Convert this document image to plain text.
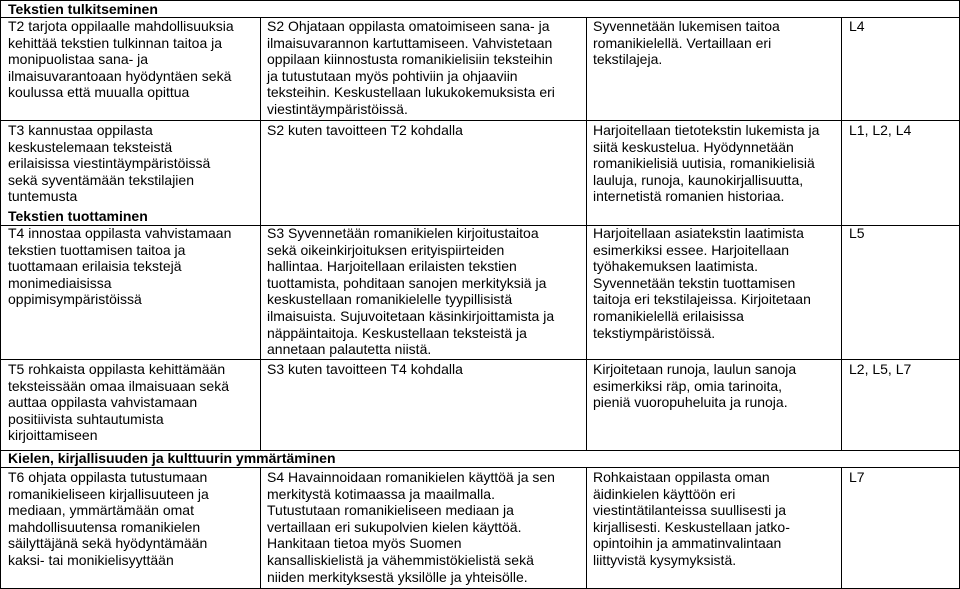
Tekstien tulkitseminen
Tekstien tuottaminen
Kielen, kirjallisuuden ja kulttuurin ymmärtäminen
T2 tarjota oppilaalle mahdollisuuksia
kehittää tekstien tulkinnan taitoa ja
monipuolistaa sana- ja
ilmaisuvarantoaan hyödyntäen sekä
koulussa että muualla opittua
S2 Ohjataan oppilasta omatoimiseen sana- ja
ilmaisuvarannon kartuttamiseen. Vahvistetaan
oppilaan kiinnostusta romanikielisiin teksteihin
ja tutustutaan myös pohtiviin ja ohjaaviin
teksteihin. Keskustellaan lukukokemuksista eri
viestintäympäristöissä.
Syvennetään lukemisen taitoa
romanikielellä. Vertaillaan eri
tekstilajeja.
L4
T3 kannustaa oppilasta
keskustelemaan teksteistä
erilaisissa viestintäympäristöissä
sekä syventämään tekstilajien
tuntemusta
S2 kuten tavoitteen T2 kohdalla	Harjoitellaan tietotekstin lukemista ja
siitä keskustelua. Hyödynnetään
romanikielisiä uutisia, romanikielisiä
lauluja, runoja, kaunokirjallisuutta,
internetistä romanien historiaa.
L1, L2, L4
T4 innostaa oppilasta vahvistamaan
tekstien tuottamisen taitoa ja
tuottamaan erilaisia tekstejä
monimediaisissa
oppimisympäristöissä
S3 Syvennetään romanikielen kirjoitustaitoa
sekä oikeinkirjoituksen erityispiirteiden
hallintaa. Harjoitellaan erilaisten tekstien
tuottamista, pohditaan sanojen merkityksiä ja
keskustellaan romanikielelle tyypillisistä
ilmaisuista. Sujuvoitetaan käsinkirjoittamista ja
näppäintaitoja. Keskustellaan teksteistä ja
annetaan palautetta niistä.
Harjoitellaan asiatekstin laatimista
esimerkiksi essee. Harjoitellaan
työhakemuksen laatimista.
Syvennetään tekstin tuottamisen
taitoja eri tekstilajeissa. Kirjoitetaan
romanikielellä erilaisissa
tekstiympäristöissä.
L5
T5 rohkaista oppilasta kehittämään
teksteissään omaa ilmaisuaan sekä
auttaa oppilasta vahvistamaan
positiivista suhtautumista
kirjoittamiseen
S3 kuten tavoitteen T4 kohdalla	Kirjoitetaan runoja, laulun sanoja
esimerkiksi räp, omia tarinoita,
pieniä vuoropuheluita ja runoja.
L2, L5, L7
T6 ohjata oppilasta tutustumaan
romanikieliseen kirjallisuuteen ja
mediaan, ymmärtämään omat
mahdollisuutensa romanikielen
säilyttäjänä sekä hyödyntämään
kaksi- tai monikielisyyttään
S4 Havainnoidaan romanikielen käyttöä ja sen
merkitystä kotimaassa ja maailmalla.
Tutustutaan romanikieliseen mediaan ja
vertaillaan eri sukupolvien kielen käyttöä.
Hankitaan tietoa myös Suomen
kansalliskielistä ja vähemmistökielistä sekä
niiden merkityksestä yksilölle ja yhteisölle.
Rohkaistaan oppilasta oman
äidinkielen käyttöön eri
viestintätilanteissa suullisesti ja
kirjallisesti. Keskustellaan jatko-
opintoihin ja ammatinvalintaan
liittyvistä kysymyksistä.
L7
